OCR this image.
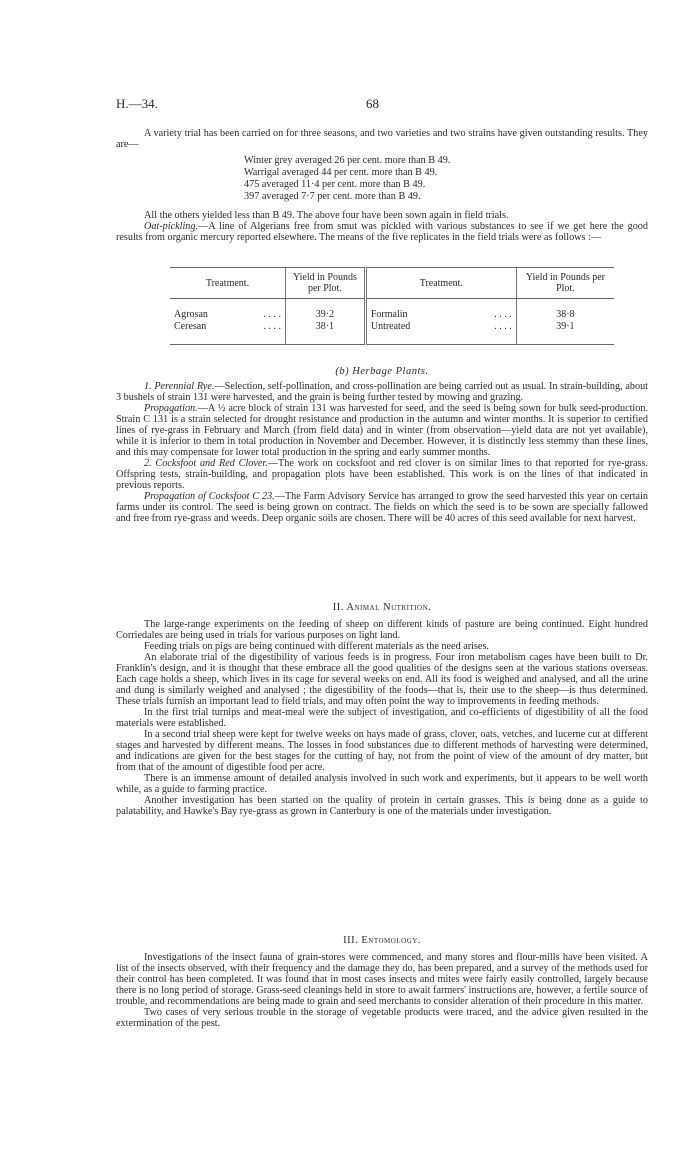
H.—34.	68

A variety trial has been carried on for three seasons, and two varieties and two strains have given outstanding results. They are—

Winter grey averaged 26 per cent. more than B 49.
Warrigal averaged 44 per cent. more than B 49.
475 averaged 11·4 per cent. more than B 49.
397 averaged 7·7 per cent. more than B 49.

All the others yielded less than B 49. The above four have been sown again in field trials.

Oat-pickling.—A line of Algerians free from smut was pickled with various substances to see if we get here the good results from organic mercury reported elsewhere. The means of the five replicates in the field trials were as follows :—

Treatment.	Yield in Pounds per Plot.	Treatment.	Yield in Pounds per Plot.

Agrosan . . . .	39·2	Formalin . . . .	38·8
Ceresan . . . .	38·1	Untreated . . . .	39·1

(b) Herbage Plants.

1. Perennial Rye.—Selection, self-pollination, and cross-pollination are being carried out as usual. In strain-building, about 3 bushels of strain 131 were harvested, and the grain is being further tested by mowing and grazing.

Propagation.—A ½ acre block of strain 131 was harvested for seed, and the seed is being sown for bulk seed-production. Strain C 131 is a strain selected for drought resistance and production in the autumn and winter months. It is superior to certified lines of rye-grass in February and March (from field data) and in winter (from observation—yield data are not yet available), while it is inferior to them in total production in November and December. However, it is distinctly less stemmy than these lines, and this may compensate for lower total production in the spring and early summer months.

2. Cocksfoot and Red Clover.—The work on cocksfoot and red clover is on similar lines to that reported for rye-grass. Offspring tests, strain-building, and propagation plots have been established. This work is on the lines of that indicated in previous reports.

Propagation of Cocksfoot C 23.—The Farm Advisory Service has arranged to grow the seed harvested this year on certain farms under its control. The seed is being grown on contract. The fields on which the seed is to be sown are specially fallowed and free from rye-grass and weeds. Deep organic soils are chosen. There will be 40 acres of this seed available for next harvest.

II. Animal Nutrition.

The large-range experiments on the feeding of sheep on different kinds of pasture are being continued. Eight hundred Corriedales are being used in trials for various purposes on light land.

Feeding trials on pigs are being continued with different materials as the need arises.

An elaborate trial of the digestibility of various feeds is in progress. Four iron metabolism cages have been built to Dr. Franklin's design, and it is thought that these embrace all the good qualities of the designs seen at the various stations overseas. Each cage holds a sheep, which lives in its cage for several weeks on end. All its food is weighed and analysed, and all the urine and dung is similarly weighed and analysed ; the digestibility of the foods—that is, their use to the sheep—is thus determined. These trials furnish an important lead to field trials, and may often point the way to improvements in feeding methods.

In the first trial turnips and meat-meal were the subject of investigation, and co-efficients of digestibility of all the food materials were established.

In a second trial sheep were kept for twelve weeks on hays made of grass, clover, oats, vetches, and lucerne cut at different stages and harvested by different means. The losses in food substances due to different methods of harvesting were determined, and indications are given for the best stages for the cutting of hay, not from the point of view of the amount of dry matter, but from that of the amount of digestible food per acre.

There is an immense amount of detailed analysis involved in such work and experiments, but it appears to be well worth while, as a guide to farming practice.

Another investigation has been started on the quality of protein in certain grasses. This is being done as a guide to palatability, and Hawke's Bay rye-grass as grown in Canterbury is one of the materials under investigation.

III. Entomology.

Investigations of the insect fauna of grain-stores were commenced, and many stores and flour-mills have been visited. A list of the insects observed, with their frequency and the damage they do, has been prepared, and a survey of the methods used for their control has been completed. It was found that in most cases insects and mites were fairly easily controlled, largely because there is no long period of storage. Grass-seed cleanings held in store to await farmers' instructions are, however, a fertile source of trouble, and recommendations are being made to grain and seed merchants to consider alteration of their procedure in this matter.

Two cases of very serious trouble in the storage of vegetable products were traced, and the advice given resulted in the extermination of the pest.
